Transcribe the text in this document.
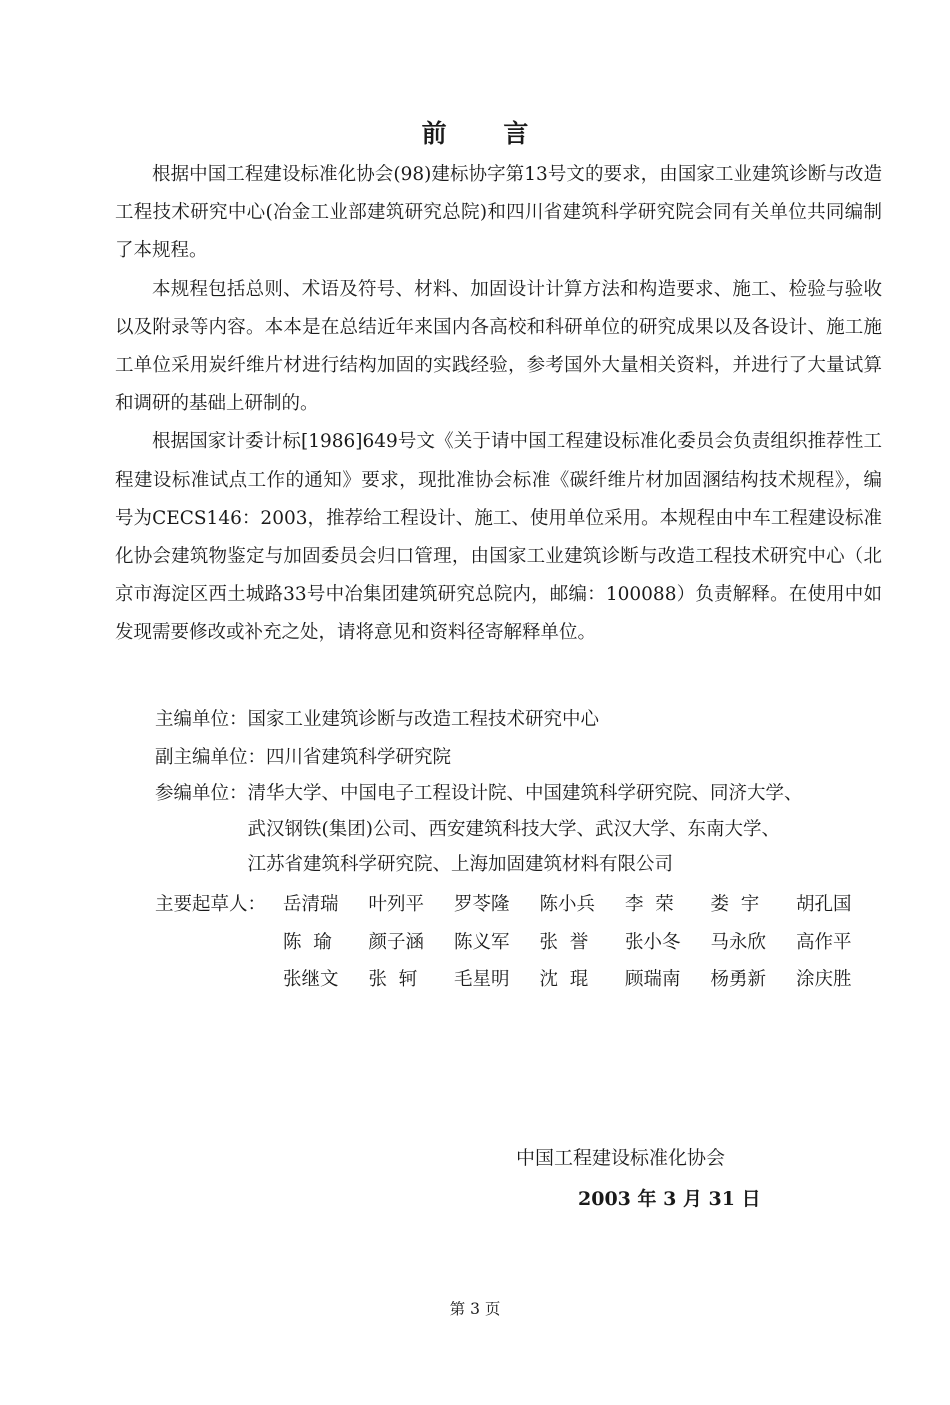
前 言

根据中国工程建设标准化协会(98)建标协字第13号文的要求，由国家工业建筑诊断与改造工程技术研究中心(冶金工业部建筑研究总院)和四川省建筑科学研究院会同有关单位共同编制了本规程。

本规程包括总则、术语及符号、材料、加固设计计算方法和构造要求、施工、检验与验收以及附录等内容。本本是在总结近年来国内各高校和科研单位的研究成果以及各设计、施工施工单位采用炭纤维片材进行结构加固的实践经验，参考国外大量相关资料，并进行了大量试算和调研的基础上研制的。

根据国家计委计标[1986]649号文《关于请中国工程建设标准化委员会负责组织推荐性工程建设标准试点工作的通知》要求，现批准协会标准《碳纤维片材加固溷结构技术规程》，编号为CECS146：2003，推荐给工程设计、施工、使用单位采用。本规程由中车工程建设标准化协会建筑物鉴定与加固委员会归口管理，由国家工业建筑诊断与改造工程技术研究中心（北京市海淀区西土城路33号中冶集团建筑研究总院内，邮编：100088）负责解释。在使用中如发现需要修改或补充之处，请将意见和资料径寄解释单位。

主编单位： 国家工业建筑诊断与改造工程技术研究中心
副主编单位： 四川省建筑科学研究院
参编单位： 清华大学、中国电子工程设计院、中国建筑科学研究院、同济大学、
武汉钢铁(集团)公司、西安建筑科技大学、武汉大学、东南大学、
江苏省建筑科学研究院、上海加固建筑材料有限公司
主要起草人： 岳清瑞	叶列平	罗苓隆	陈小兵	李  荣	娄  宇	胡孔国
陈  瑜	颜子涵	陈义军	张  誉	张小冬	马永欣	高作平
张继文	张  轲	毛星明	沈  琨	顾瑞南	杨勇新	涂庆胜
中国工程建设标准化协会
2003 年 3 月 31 日
第 3 页
